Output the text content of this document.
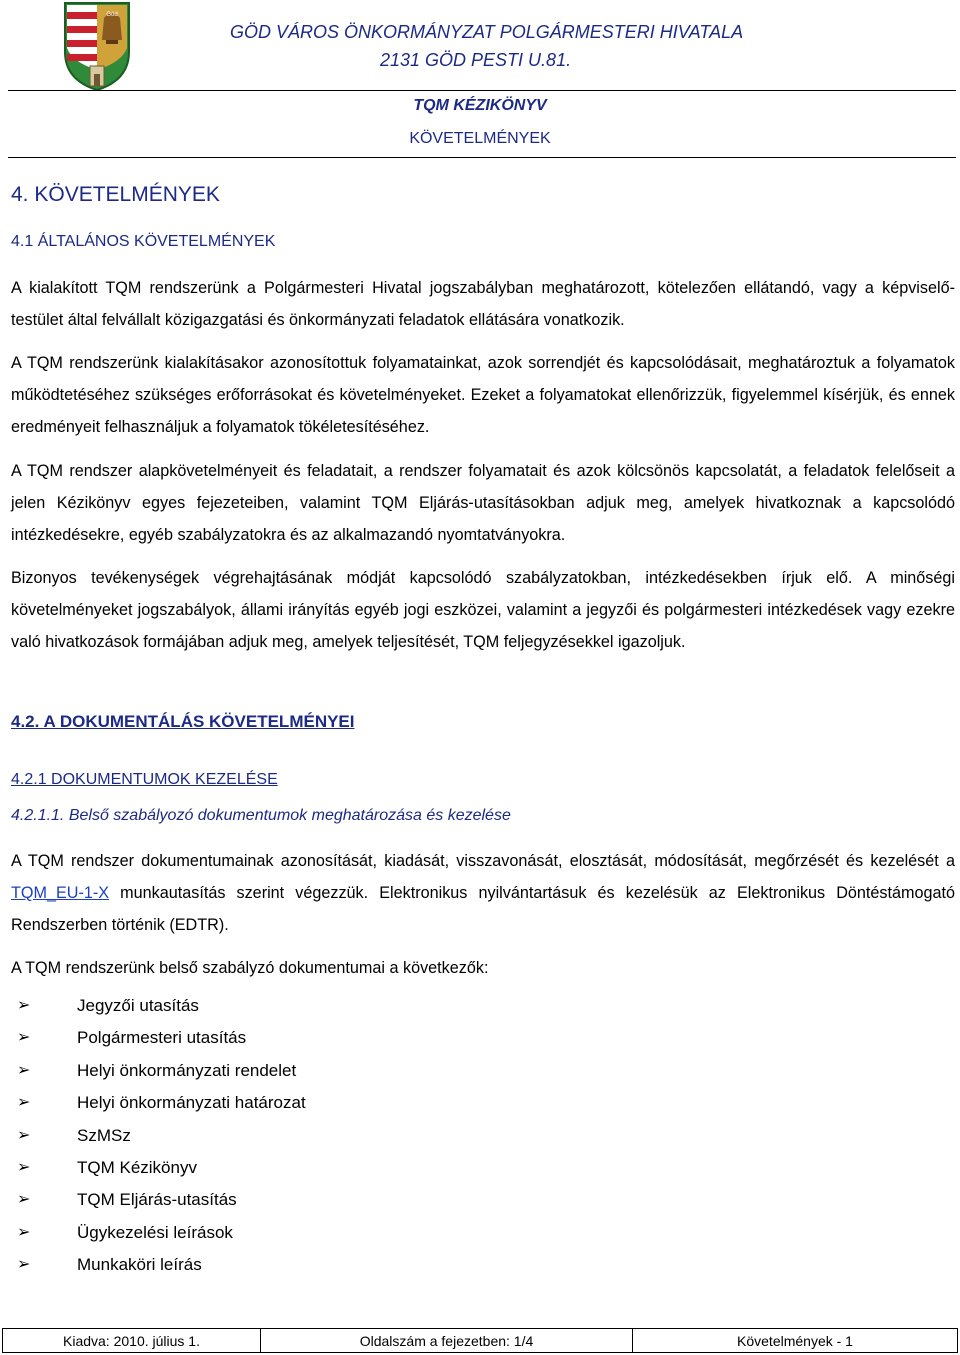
Göd
GÖD VÁROS ÖNKORMÁNYZAT POLGÁRMESTERI HIVATALA
2131 GÖD PESTI U.81.
TQM KÉZIKÖNYV
KÖVETELMÉNYEK
4. KÖVETELMÉNYEK
4.1 ÁLTALÁNOS KÖVETELMÉNYEK

A kialakított TQM rendszerünk a Polgármesteri Hivatal jogszabályban meghatározott, kötelezően ellátandó, vagy a képviselő-testület által felvállalt közigazgatási és önkormányzati feladatok ellátására vonatkozik.

A TQM rendszerünk kialakításakor azonosítottuk folyamatainkat, azok sorrendjét és kapcsolódásait, meghatároztuk a folyamatok működtetéséhez szükséges erőforrásokat és követelményeket. Ezeket a folyamatokat ellenőrizzük, figyelemmel kísérjük, és ennek eredményeit felhasználjuk a folyamatok tökéletesítéséhez.

A TQM rendszer alapkövetelményeit és feladatait, a rendszer folyamatait és azok kölcsönös kapcsolatát, a feladatok felelőseit a jelen Kézikönyv egyes fejezeteiben, valamint TQM Eljárás-utasításokban adjuk meg, amelyek hivatkoznak a kapcsolódó intézkedésekre, egyéb szabályzatokra és az alkalmazandó nyomtatványokra.

Bizonyos tevékenységek végrehajtásának módját kapcsolódó szabályzatokban, intézkedésekben írjuk elő. A minőségi követelményeket jogszabályok, állami irányítás egyéb jogi eszközei, valamint a jegyzői és polgármesteri intézkedések vagy ezekre való hivatkozások formájában adjuk meg, amelyek teljesítését, TQM feljegyzésekkel igazoljuk.

4.2. A DOKUMENTÁLÁS KÖVETELMÉNYEI
4.2.1 DOKUMENTUMOK KEZELÉSE
4.2.1.1. Belső szabályozó dokumentumok meghatározása és kezelése

A TQM rendszer dokumentumainak azonosítását, kiadását, visszavonását, elosztását, módosítását, megőrzését és kezelését a TQM_EU-1-X munkautasítás szerint végezzük. Elektronikus nyilvántartásuk és kezelésük az Elektronikus Döntéstámogató Rendszerben történik (EDTR).

A TQM rendszerünk belső szabályzó dokumentumai a következők:

➢	Jegyzői utasítás
➢	Polgármesteri utasítás
➢	Helyi önkormányzati rendelet
➢	Helyi önkormányzati határozat
➢	SzMSz
➢	TQM Kézikönyv
➢	TQM Eljárás-utasítás
➢	Ügykezelési leírások
➢	Munkaköri leírás
Kiadva: 2010. július 1.	Oldalszám a fejezetben: 1/4	Követelmények - 1
